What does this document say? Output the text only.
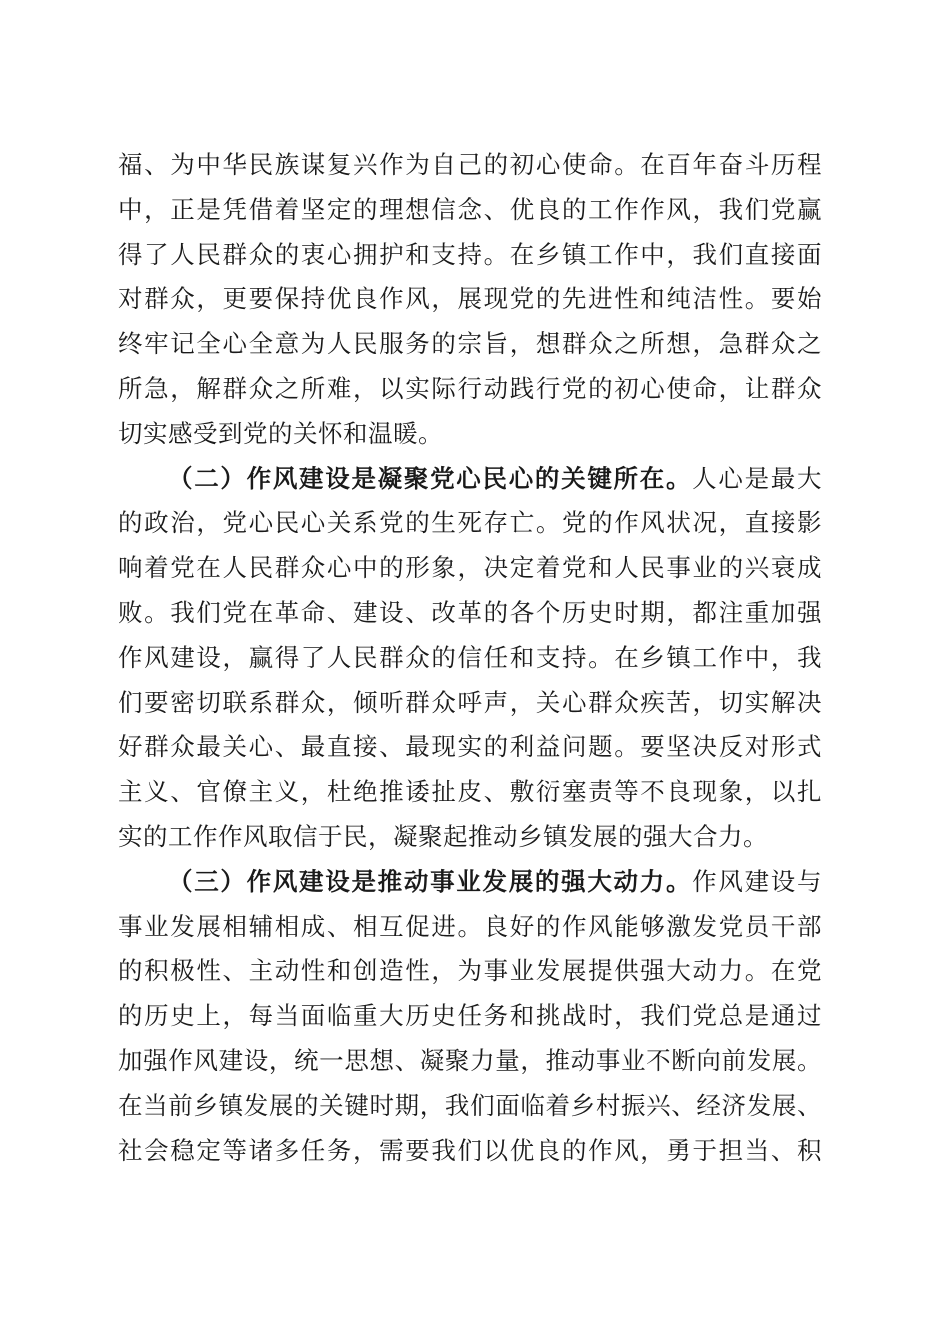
福、为中华民族谋复兴作为自己的初心使命。在百年奋斗历程
中，正是凭借着坚定的理想信念、优良的工作作风，我们党赢
得了人民群众的衷心拥护和支持。在乡镇工作中，我们直接面
对群众，更要保持优良作风，展现党的先进性和纯洁性。要始
终牢记全心全意为人民服务的宗旨，想群众之所想，急群众之
所急，解群众之所难，以实际行动践行党的初心使命，让群众
切实感受到党的关怀和温暖。
（二）作风建设是凝聚党心民心的关键所在。人心是最大
的政治，党心民心关系党的生死存亡。党的作风状况，直接影
响着党在人民群众心中的形象，决定着党和人民事业的兴衰成
败。我们党在革命、建设、改革的各个历史时期，都注重加强
作风建设，赢得了人民群众的信任和支持。在乡镇工作中，我
们要密切联系群众，倾听群众呼声，关心群众疾苦，切实解决
好群众最关心、最直接、最现实的利益问题。要坚决反对形式
主义、官僚主义，杜绝推诿扯皮、敷衍塞责等不良现象，以扎
实的工作作风取信于民，凝聚起推动乡镇发展的强大合力。
（三）作风建设是推动事业发展的强大动力。作风建设与
事业发展相辅相成、相互促进。良好的作风能够激发党员干部
的积极性、主动性和创造性，为事业发展提供强大动力。在党
的历史上，每当面临重大历史任务和挑战时，我们党总是通过
加强作风建设，统一思想、凝聚力量，推动事业不断向前发展。
在当前乡镇发展的关键时期，我们面临着乡村振兴、经济发展、
社会稳定等诸多任务，需要我们以优良的作风，勇于担当、积
